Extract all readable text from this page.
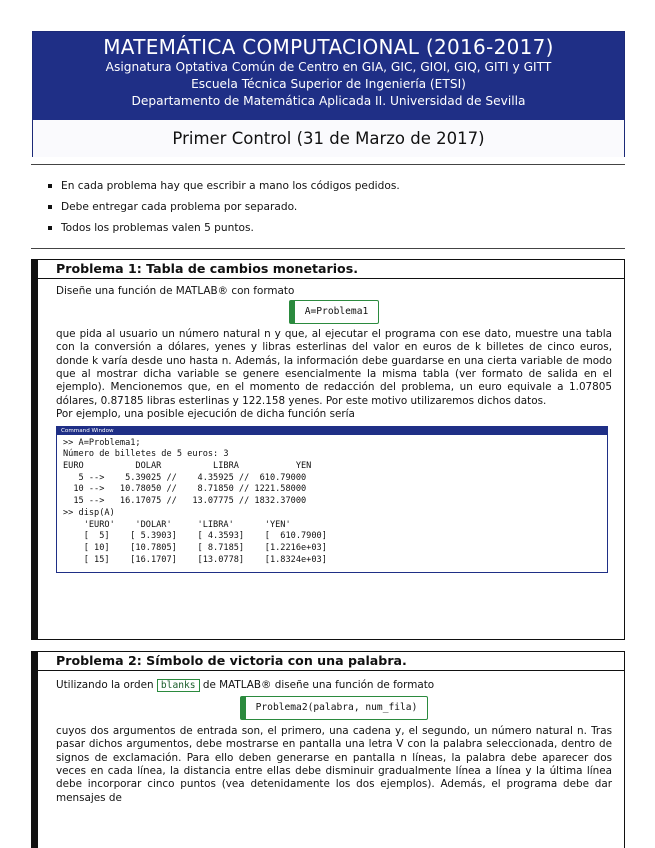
MATEMÁTICA COMPUTACIONAL (2016-2017)
Asignatura Optativa Común de Centro en GIA, GIC, GIOI, GIQ, GITI y GITT
Escuela Técnica Superior de Ingeniería (ETSI)
Departamento de Matemática Aplicada II. Universidad de Sevilla
Primer Control (31 de Marzo de 2017)
En cada problema hay que escribir a mano los códigos pedidos.
Debe entregar cada problema por separado.
Todos los problemas valen 5 puntos.
Problema 1: Tabla de cambios monetarios.

Diseñe una función de MATLAB® con formato

A=Problema1

que pida al usuario un número natural n y que, al ejecutar el programa con ese dato, muestre una tabla con la conversión a dólares, yenes y libras esterlinas del valor en euros de k billetes de cinco euros, donde k varía desde uno hasta n. Además, la información debe guardarse en una cierta variable de modo que al mostrar dicha variable se genere esencialmente la misma tabla (ver formato de salida en el ejemplo). Mencionemos que, en el momento de redacción del problema, un euro equivale a 1.07805 dólares, 0.87185 libras esterlinas y 122.158 yenes. Por este motivo utilizaremos dichos datos.

Por ejemplo, una posible ejecución de dicha función sería

Command Window
>> A=Problema1;
Número de billetes de 5 euros: 3
EURO          DOLAR          LIBRA           YEN
5 -->    5.39025 //    4.35925 //  610.79000
10 -->   10.78050 //    8.71850 // 1221.58000
15 -->   16.17075 //   13.07775 // 1832.37000
>> disp(A)
'EURO'    'DOLAR'     'LIBRA'      'YEN'
[  5]    [ 5.3903]    [ 4.3593]    [  610.7900]
[ 10]    [10.7805]    [ 8.7185]    [1.2216e+03]
[ 15]    [16.1707]    [13.0778]    [1.8324e+03]
Problema 2: Símbolo de victoria con una palabra.

Utilizando la orden blanks de MATLAB® diseñe una función de formato

Problema2(palabra, num_fila)

cuyos dos argumentos de entrada son, el primero, una cadena y, el segundo, un número natural n. Tras pasar dichos argumentos, debe mostrarse en pantalla una letra V con la palabra seleccionada, dentro de signos de exclamación. Para ello deben generarse en pantalla n líneas, la palabra debe aparecer dos veces en cada línea, la distancia entre ellas debe disminuir gradualmente línea a línea y la última línea debe incorporar cinco puntos (vea detenidamente los dos ejemplos). Además, el programa debe dar mensajes de
